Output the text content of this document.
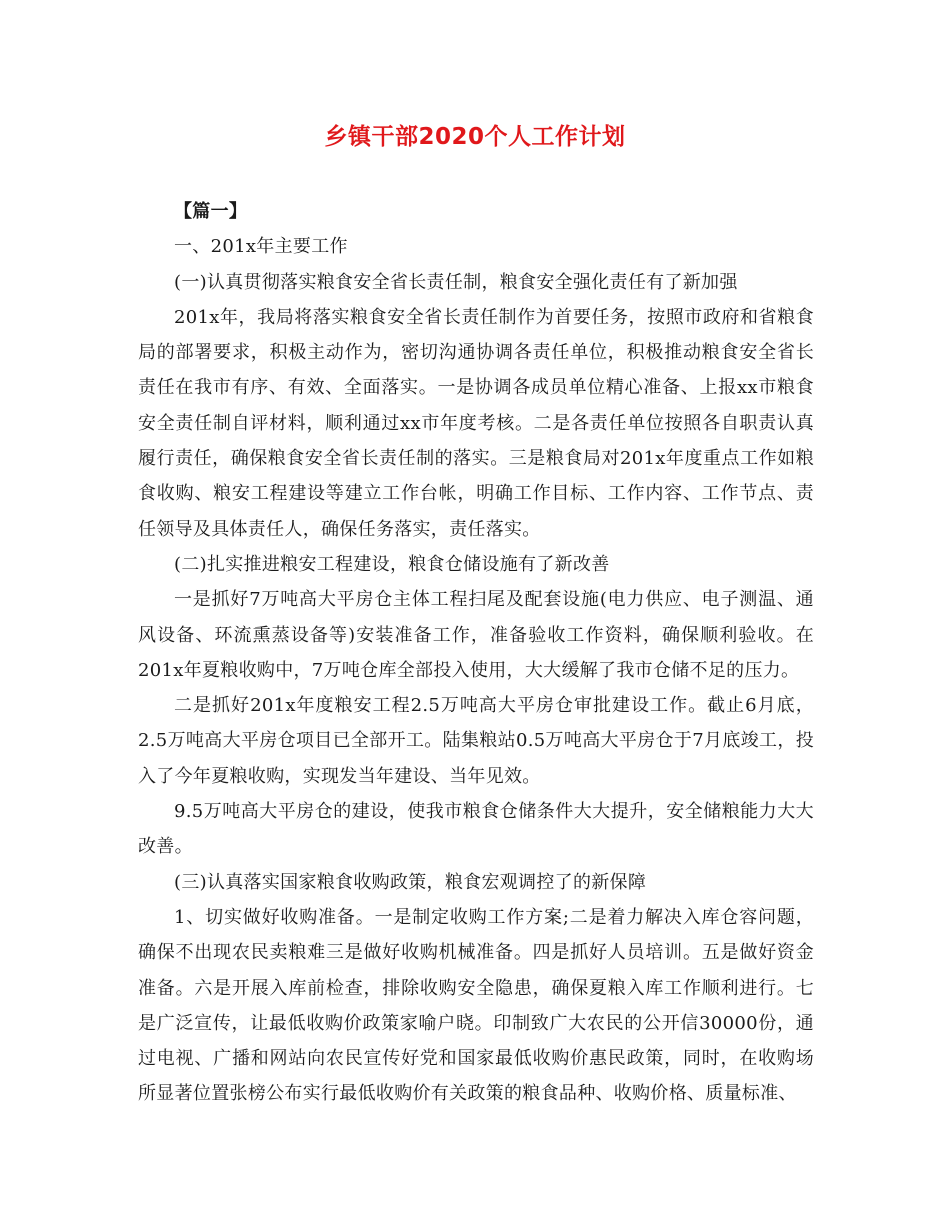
乡镇干部2020个人工作计划

【篇一】

一、201x年主要工作

(一)认真贯彻落实粮食安全省长责任制，粮食安全强化责任有了新加强

201x年，我局将落实粮食安全省长责任制作为首要任务，按照市政府和省粮食局的部署要求，积极主动作为，密切沟通协调各责任单位，积极推动粮食安全省长责任在我市有序、有效、全面落实。一是协调各成员单位精心准备、上报xx市粮食安全责任制自评材料，顺利通过xx市年度考核。二是各责任单位按照各自职责认真履行责任，确保粮食安全省长责任制的落实。三是粮食局对201x年度重点工作如粮食收购、粮安工程建设等建立工作台帐，明确工作目标、工作内容、工作节点、责任领导及具体责任人，确保任务落实，责任落实。

(二)扎实推进粮安工程建设，粮食仓储设施有了新改善

一是抓好7万吨高大平房仓主体工程扫尾及配套设施(电力供应、电子测温、通风设备、环流熏蒸设备等)安装准备工作，准备验收工作资料，确保顺利验收。在201x年夏粮收购中，7万吨仓库全部投入使用，大大缓解了我市仓储不足的压力。

二是抓好201x年度粮安工程2.5万吨高大平房仓审批建设工作。截止6月底，2.5万吨高大平房仓项目已全部开工。陆集粮站0.5万吨高大平房仓于7月底竣工，投入了今年夏粮收购，实现发当年建设、当年见效。

9.5万吨高大平房仓的建设，使我市粮食仓储条件大大提升，安全储粮能力大大改善。

(三)认真落实国家粮食收购政策，粮食宏观调控了的新保障

1、切实做好收购准备。一是制定收购工作方案;二是着力解决入库仓容问题，确保不出现农民卖粮难三是做好收购机械准备。四是抓好人员培训。五是做好资金准备。六是开展入库前检查，排除收购安全隐患，确保夏粮入库工作顺利进行。七是广泛宣传，让最低收购价政策家喻户晓。印制致广大农民的公开信30000份，通过电视、广播和网站向农民宣传好党和国家最低收购价惠民政策，同时，在收购场所显著位置张榜公布实行最低收购价有关政策的粮食品种、收购价格、质量标准、
